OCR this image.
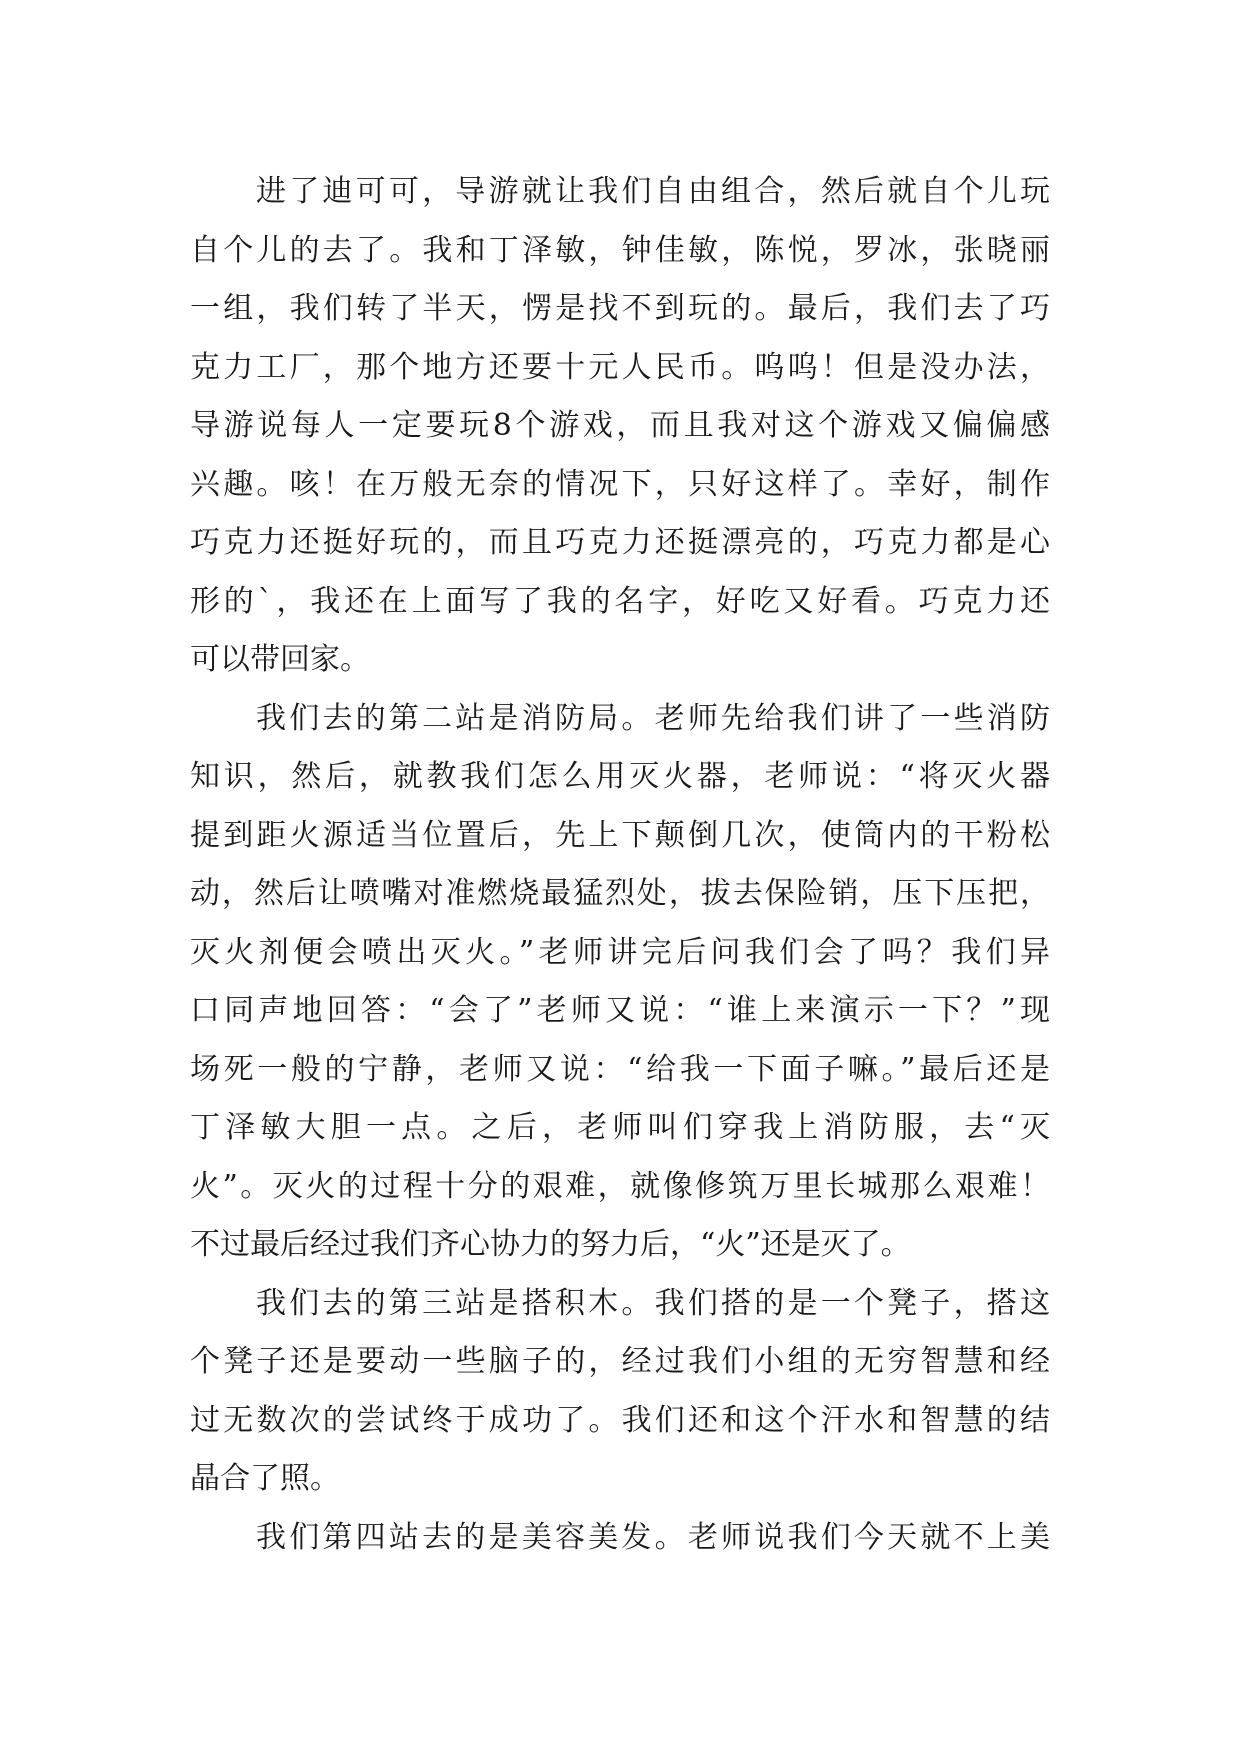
进了迪可可，导游就让我们自由组合，然后就自个儿玩
自个儿的去了。我和丁泽敏，钟佳敏，陈悦，罗冰，张晓丽
一组，我们转了半天，愣是找不到玩的。最后，我们去了巧
克力工厂，那个地方还要十元人民币。呜呜！但是没办法，
导游说每人一定要玩8个游戏，而且我对这个游戏又偏偏感
兴趣。咳！在万般无奈的情况下，只好这样了。幸好，制作
巧克力还挺好玩的，而且巧克力还挺漂亮的，巧克力都是心
形的`，我还在上面写了我的名字，好吃又好看。巧克力还
可以带回家。
我们去的第二站是消防局。老师先给我们讲了一些消防
知识，然后，就教我们怎么用灭火器，老师说：“将灭火器
提到距火源适当位置后，先上下颠倒几次，使筒内的干粉松
动，然后让喷嘴对准燃烧最猛烈处，拔去保险销，压下压把，
灭火剂便会喷出灭火。”老师讲完后问我们会了吗？我们异
口同声地回答：“会了”老师又说：“谁上来演示一下？”现
场死一般的宁静，老师又说：“给我一下面子嘛。”最后还是
丁泽敏大胆一点。之后，老师叫们穿我上消防服，去“灭
火”。灭火的过程十分的艰难，就像修筑万里长城那么艰难！
不过最后经过我们齐心协力的努力后，“火”还是灭了。
我们去的第三站是搭积木。我们搭的是一个凳子，搭这
个凳子还是要动一些脑子的，经过我们小组的无穷智慧和经
过无数次的尝试终于成功了。我们还和这个汗水和智慧的结
晶合了照。
我们第四站去的是美容美发。老师说我们今天就不上美
